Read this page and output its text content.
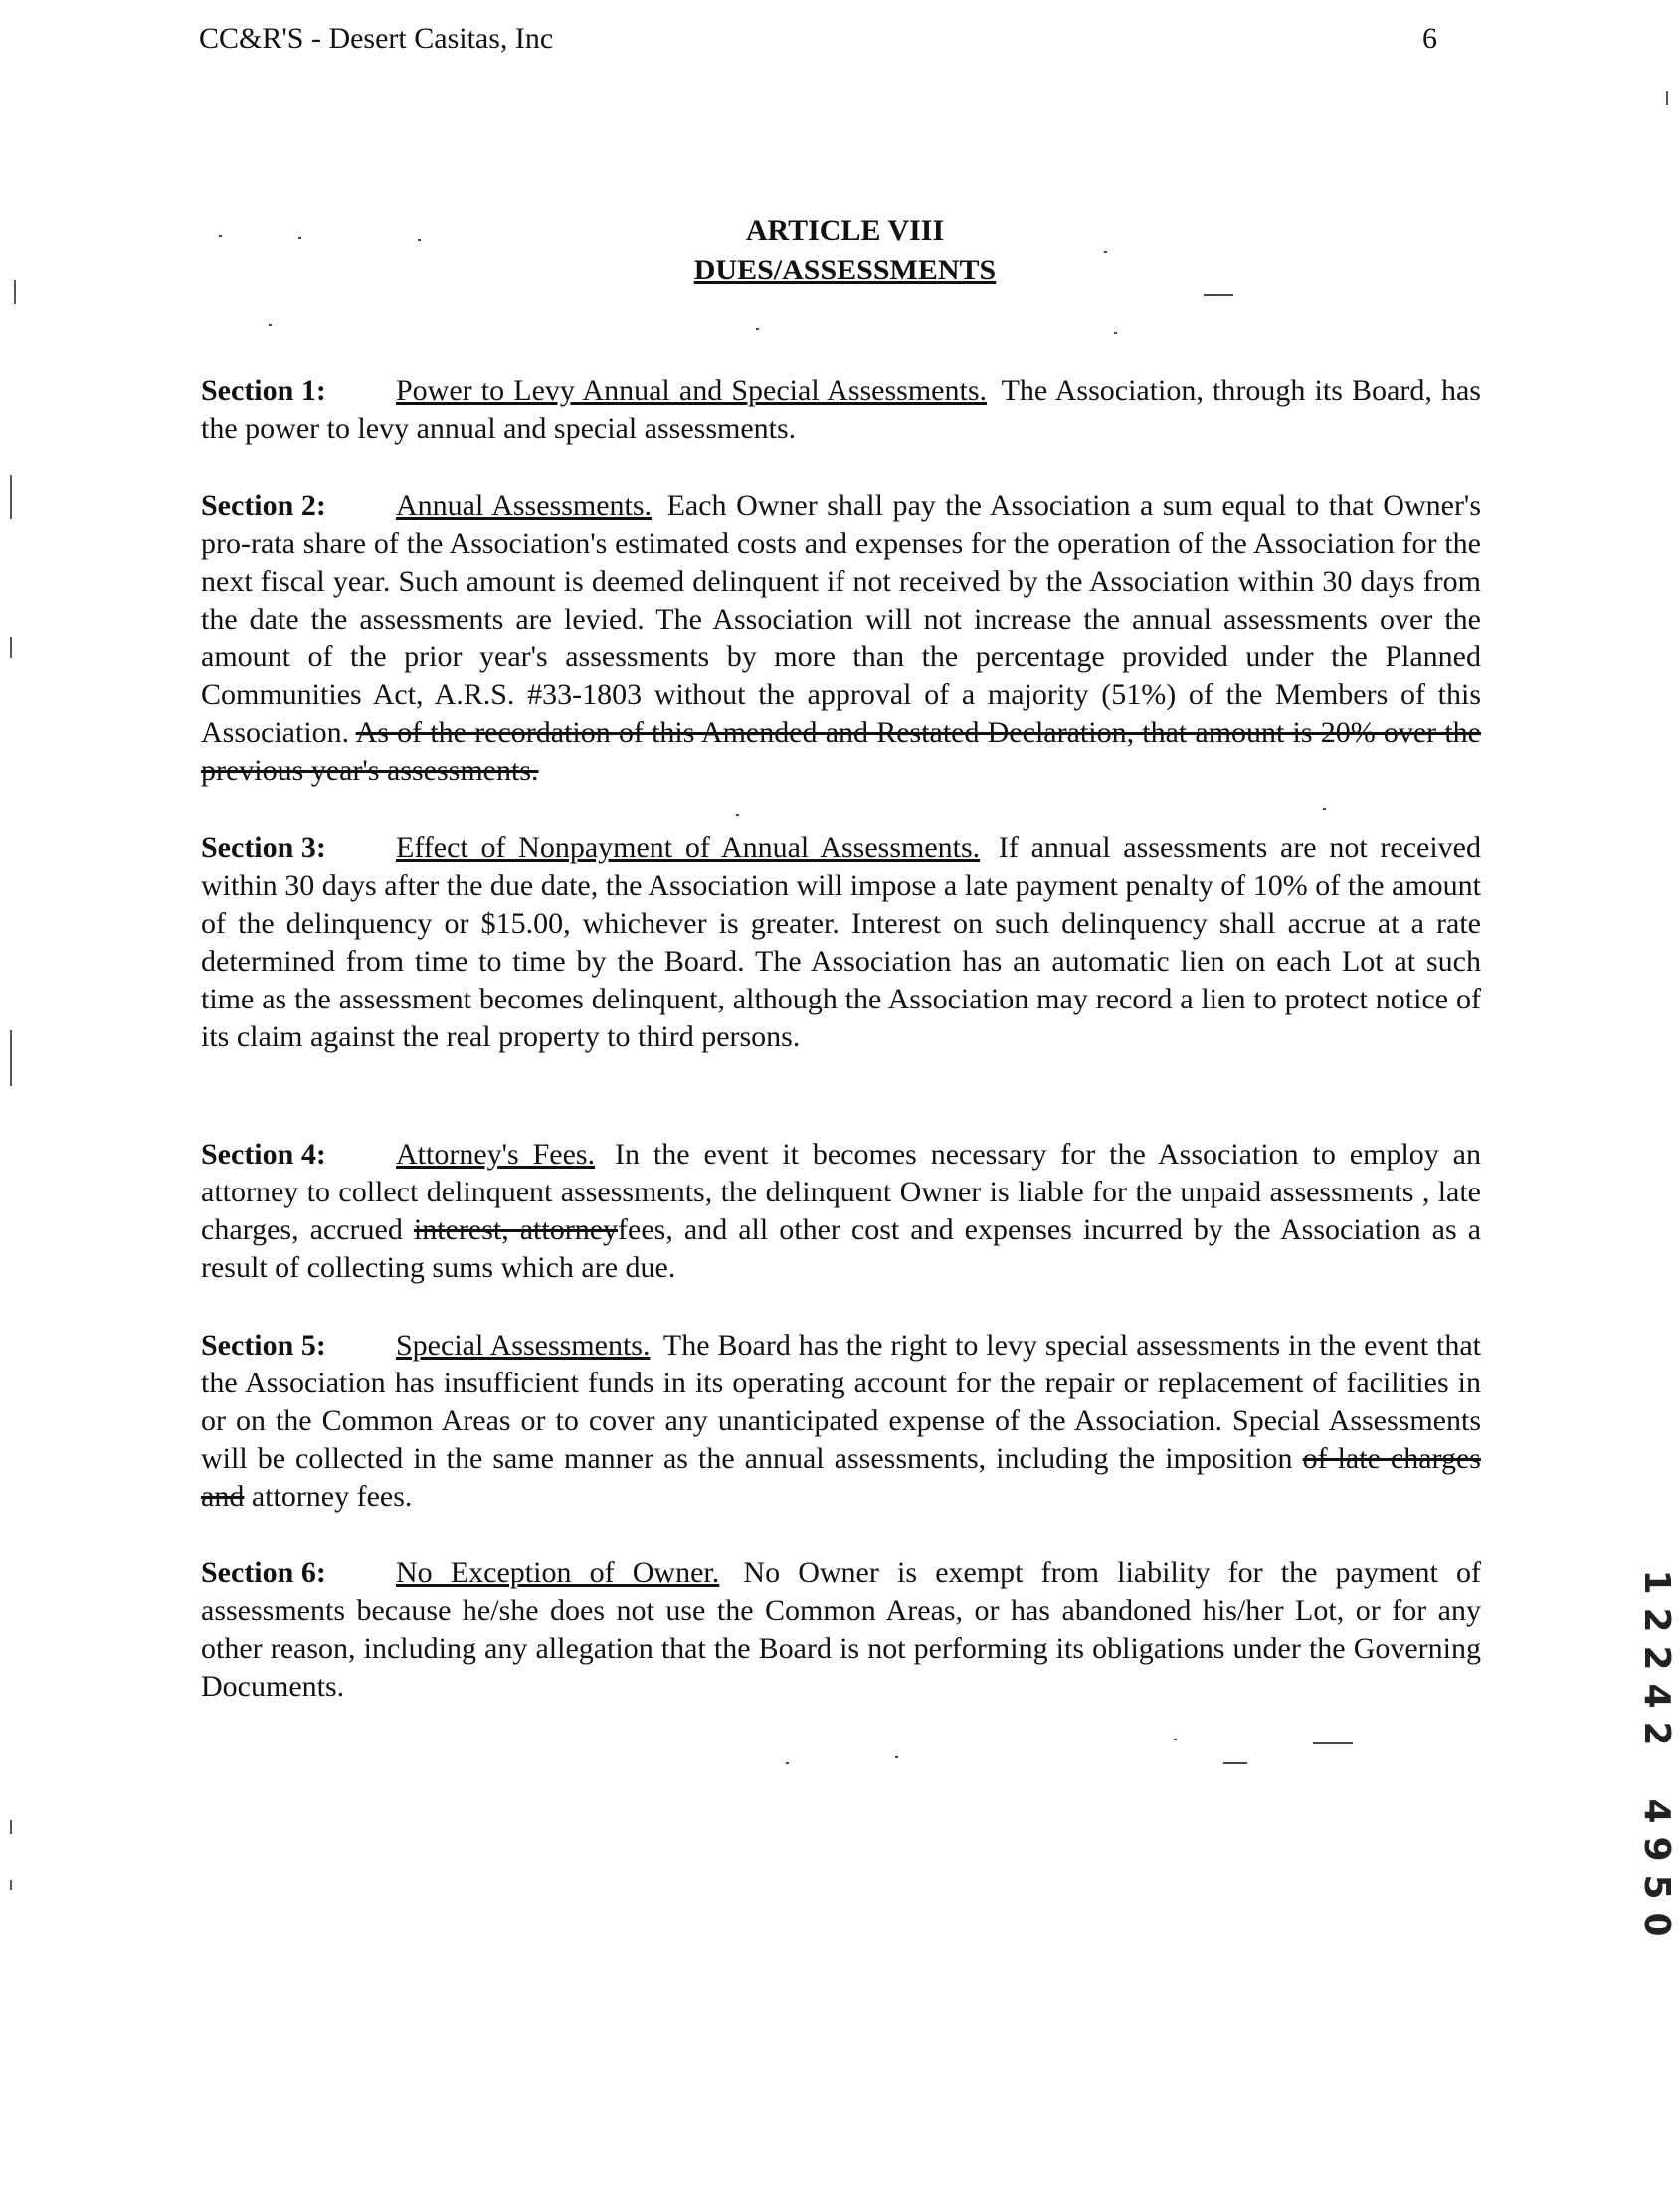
CC&R'S - Desert Casitas, Inc	6
ARTICLE VIII
DUES/ASSESSMENTS
Section 1: Power to Levy Annual and Special Assessments. The Association, through its Board, has the power to levy annual and special assessments.
Section 2: Annual Assessments. Each Owner shall pay the Association a sum equal to that Owner's pro-rata share of the Association's estimated costs and expenses for the operation of the Association for the next fiscal year. Such amount is deemed delinquent if not received by the Association within 30 days from the date the assessments are levied. The Association will not increase the annual assessments over the amount of the prior year's assessments by more than the percentage provided under the Planned Communities Act, A.R.S. #33-1803 without the approval of a majority (51%) of the Members of this Association. As of the recordation of this Amended and Restated Declaration, that amount is 20% over the previous year's assessments.
Section 3: Effect of Nonpayment of Annual Assessments. If annual assessments are not received within 30 days after the due date, the Association will impose a late payment penalty of 10% of the amount of the delinquency or $15.00, whichever is greater. Interest on such delinquency shall accrue at a rate determined from time to time by the Board. The Association has an automatic lien on each Lot at such time as the assessment becomes delinquent, although the Association may record a lien to protect notice of its claim against the real property to third persons.
Section 4: Attorney's Fees. In the event it becomes necessary for the Association to employ an attorney to collect delinquent assessments, the delinquent Owner is liable for the unpaid assessments , late charges, accrued interest, attorneyfees, and all other cost and expenses incurred by the Association as a result of collecting sums which are due.
Section 5: Special Assessments. The Board has the right to levy special assessments in the event that the Association has insufficient funds in its operating account for the repair or replacement of facilities in or on the Common Areas or to cover any unanticipated expense of the Association. Special Assessments will be collected in the same manner as the annual assessments, including the imposition of late charges and attorney fees.
Section 6: No Exception of Owner. No Owner is exempt from liability for the payment of assessments because he/she does not use the Common Areas, or has abandoned his/her Lot, or for any other reason, including any allegation that the Board is not performing its obligations under the Governing Documents.
1
2
2
4
2
4
9
5
0
